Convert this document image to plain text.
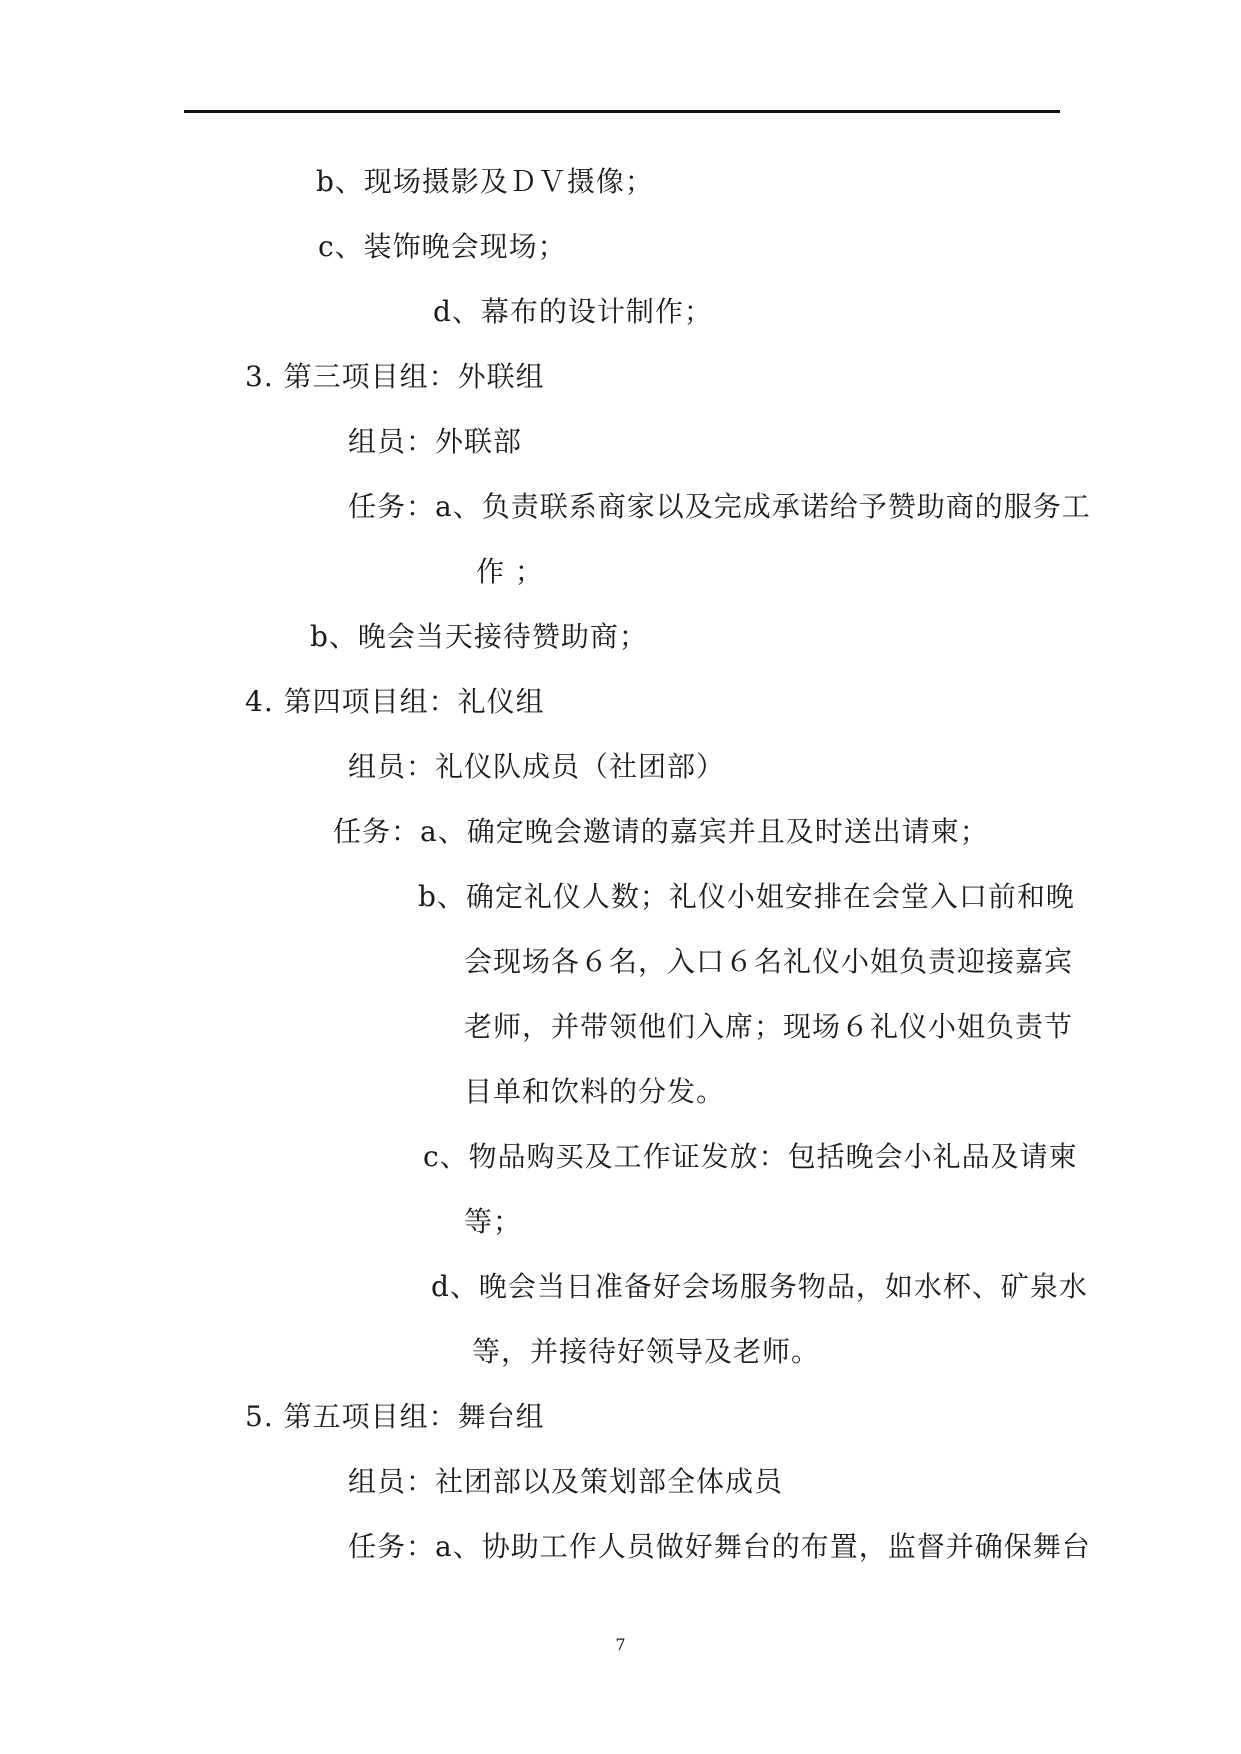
b、现场摄影及ＤＶ摄像；
c、装饰晚会现场；
d、幕布的设计制作；
3. 第三项目组：外联组
组员：外联部
任务：a、负责联系商家以及完成承诺给予赞助商的服务工
作 ；
b、晚会当天接待赞助商；
4. 第四项目组：礼仪组
组员：礼仪队成员（社团部）
任务：a、确定晚会邀请的嘉宾并且及时送出请柬；
b、确定礼仪人数；礼仪小姐安排在会堂入口前和晚
会现场各６名，入口６名礼仪小姐负责迎接嘉宾
老师，并带领他们入席；现场６礼仪小姐负责节
目单和饮料的分发。
c、物品购买及工作证发放：包括晚会小礼品及请柬
等；
d、晚会当日准备好会场服务物品，如水杯、矿泉水
等，并接待好领导及老师。
5. 第五项目组：舞台组
组员：社团部以及策划部全体成员
任务：a、协助工作人员做好舞台的布置，监督并确保舞台
7
